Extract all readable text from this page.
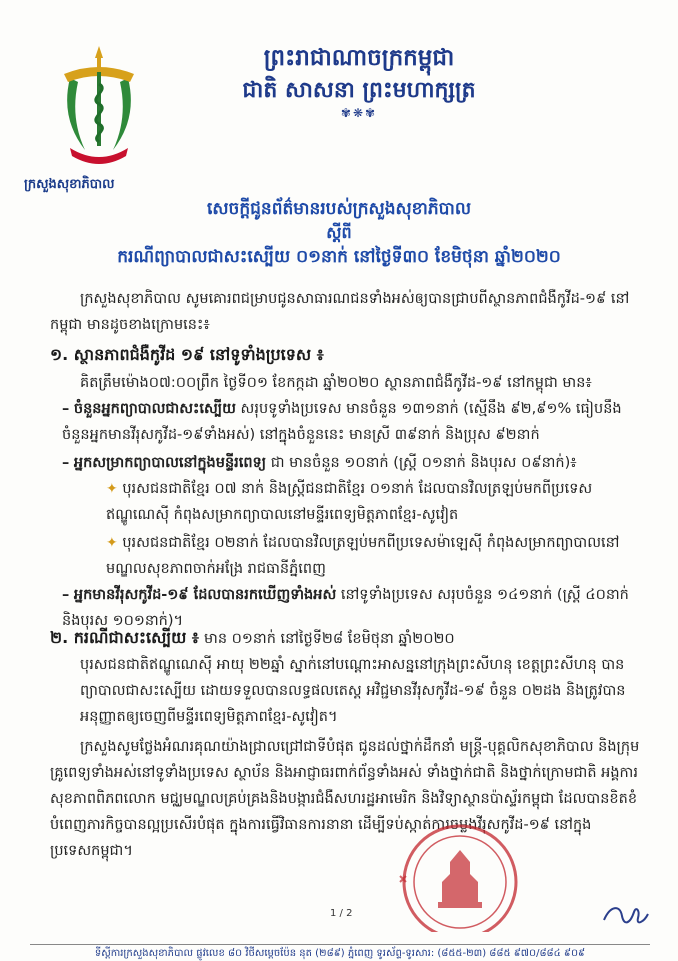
ក្រសួងសុខាភិបាល
ព្រះរាជាណាចក្រកម្ពុជា
ជាតិ សាសនា ព្រះមហាក្សត្រ
✾❋✾
សេចក្តីជូនព័ត៌មានរបស់ក្រសួងសុខាភិបាល
ស្តីពី
ករណីព្យាបាលជាសះស្បើយ ០១នាក់ នៅថ្ងៃទី៣០ ខែមិថុនា ឆ្នាំ២០២០
ក្រសួងសុខាភិបាល សូមគោរពជម្រាបជូនសាធារណជនទាំងអស់ឲ្យបានជ្រាបពីស្ថានភាពជំងឺកូវីដ-១៩ នៅកម្ពុជា មានដូចខាងក្រោមនេះ៖
១. ស្ថានភាពជំងឺកូវីដ ១៩ នៅទូទាំងប្រទេស ៖
គិតត្រឹមម៉ោង០៧:០០ព្រឹក ថ្ងៃទី០១ ខែកក្កដា ឆ្នាំ២០២០ ស្ថានភាពជំងឺកូវីដ-១៩ នៅកម្ពុជា មាន៖
– ចំនួនអ្នកព្យាបាលជាសះស្បើយ សរុបទូទាំងប្រទេស មានចំនួន ១៣១នាក់ (ស្មើនឹង ៩២,៩១% ធៀបនឹងចំនួនអ្នកមានវីរុសកូវីដ-១៩ទាំងអស់) នៅក្នុងចំនួននេះ មានស្រី ៣៩នាក់ និងប្រុស ៩២នាក់
– អ្នកសម្រាកព្យាបាលនៅក្នុងមន្ទីរពេទ្យ ជា មានចំនួន ១០នាក់ (ស្ត្រី ០១នាក់ និងបុរស ០៩នាក់)៖
✦ បុរសជនជាតិខ្មែរ ០៧ នាក់ និងស្ត្រីជនជាតិខ្មែរ ០១នាក់ ដែលបានវិលត្រឡប់មកពីប្រទេសឥណ្ឌូណេស៊ី កំពុងសម្រាកព្យាបាលនៅមន្ទីរពេទ្យមិត្តភាពខ្មែរ-សូវៀត
✦ បុរសជនជាតិខ្មែរ ០២នាក់ ដែលបានវិលត្រឡប់មកពីប្រទេសម៉ាឡេស៊ី កំពុងសម្រាកព្យាបាលនៅមណ្ឌលសុខភាពចាក់អង្រែ រាជធានីភ្នំពេញ
– អ្នកមានវីរុសកូវីដ-១៩ ដែលបានរកឃើញទាំងអស់ នៅទូទាំងប្រទេស សរុបចំនួន ១៤១នាក់ (ស្ត្រី ៤០នាក់ និងបុរស ១០១នាក់)។
២. ករណីជាសះស្បើយ ៖ មាន ០១នាក់ នៅថ្ងៃទី២៨ ខែមិថុនា ឆ្នាំ២០២០
បុរសជនជាតិឥណ្ឌូណេស៊ី អាយុ ២២ឆ្នាំ ស្នាក់នៅបណ្តោះអាសន្ននៅក្រុងព្រះសីហនុ ខេត្តព្រះសីហនុ បានព្យាបាលជាសះស្បើយ ដោយទទួលបានលទ្ធផលតេស្ត អវិជ្ជមានវីរុសកូវីដ-១៩ ចំនួន ០២ដង និងត្រូវបានអនុញ្ញាតឲ្យចេញពីមន្ទីរពេទ្យមិត្តភាពខ្មែរ-សូវៀត។
ក្រសួងសូមថ្លែងអំណរគុណយ៉ាងជ្រាលជ្រៅជាទីបំផុត ជូនដល់ថ្នាក់ដឹកនាំ មន្ត្រី-បុគ្គលិកសុខាភិបាល និងក្រុមគ្រូពេទ្យទាំងអស់នៅទូទាំងប្រទេស ស្ថាប័ន និងអាជ្ញាធរពាក់ព័ន្ធទាំងអស់ ទាំងថ្នាក់ជាតិ និងថ្នាក់ក្រោមជាតិ អង្គការសុខភាពពិភពលោក មជ្ឈមណ្ឌលគ្រប់គ្រងនិងបង្ការជំងឺសហរដ្ឋអាមេរិក និងវិទ្យាស្ថានប៉ាស្ទ័រកម្ពុជា ដែលបានខិតខំបំពេញភារកិច្ចបានល្អប្រសើរបំផុត ក្នុងការធ្វើវិធានការនានា ដើម្បីទប់ស្កាត់ការចម្លងវីរុសកូវីដ-១៩ នៅក្នុងប្រទេសកម្ពុជា។
1 / 2
ទីស្តីការក្រសួងសុខាភិបាល ផ្លូវលេខ ៨០ វិថីសម្តេចប៉ែន នុត (២៨៩) ភ្នំពេញ ទូរស័ព្ទ-ទូរសារ: (៨៥៥-២៣) ៨៨៥ ៩៧០/៨៨៤ ៩០៩
